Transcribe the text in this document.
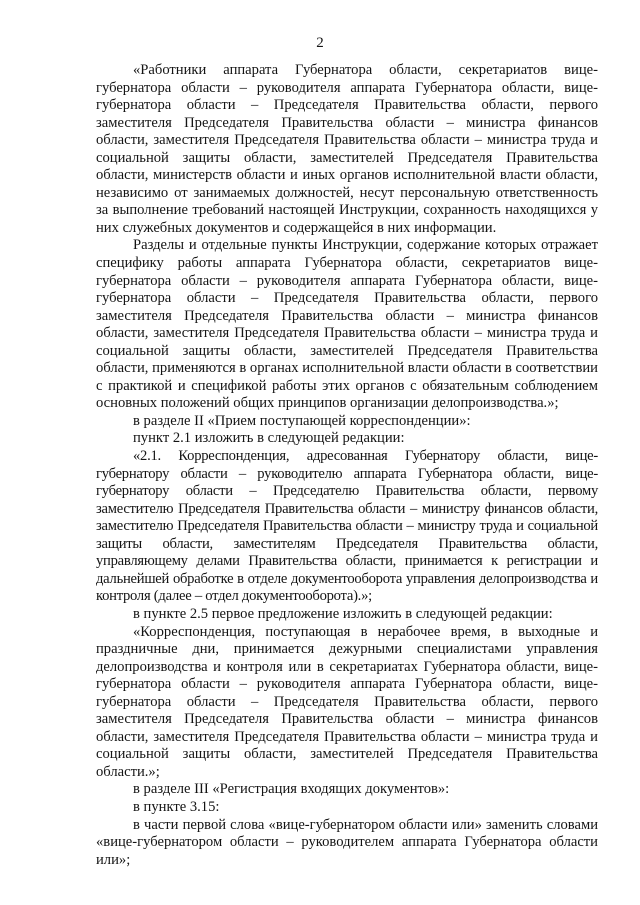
2

«Работники аппарата Губернатора области, секретариатов вице-губернатора области – руководителя аппарата Губернатора области, вице-губернатора области – Председателя Правительства области, первого заместителя Председателя Правительства области – министра финансов области, заместителя Председателя Правительства области – министра труда и социальной защиты области, заместителей Председателя Правительства области, министерств области и иных органов исполнительной власти области, независимо от занимаемых должностей, несут персональную ответственность за выполнение требований настоящей Инструкции, сохранность находящихся у них служебных документов и содержащейся в них информации.

Разделы и отдельные пункты Инструкции, содержание которых отражает специфику работы аппарата Губернатора области, секретариатов вице-губернатора области – руководителя аппарата Губернатора области, вице-губернатора области – Председателя Правительства области, первого заместителя Председателя Правительства области – министра финансов области, заместителя Председателя Правительства области – министра труда и социальной защиты области, заместителей Председателя Правительства области, применяются в органах исполнительной власти области в соответствии с практикой и спецификой работы этих органов с обязательным соблюдением основных положений общих принципов организации делопроизводства.»;

в разделе II «Прием поступающей корреспонденции»:

пункт 2.1 изложить в следующей редакции:

«2.1. Корреспонденция, адресованная Губернатору области, вице-губернатору области – руководителю аппарата Губернатора области, вице-губернатору области – Председателю Правительства области, первому заместителю Председателя Правительства области – министру финансов области, заместителю Председателя Правительства области – министру труда и социальной защиты области, заместителям Председателя Правительства области, управляющему делами Правительства области, принимается к регистрации и дальнейшей обработке в отделе документооборота управления делопроизводства и контроля (далее – отдел документооборота).»;

в пункте 2.5 первое предложение изложить в следующей редакции:

«Корреспонденция, поступающая в нерабочее время, в выходные и праздничные дни, принимается дежурными специалистами управления делопроизводства и контроля или в секретариатах Губернатора области, вице-губернатора области – руководителя аппарата Губернатора области, вице-губернатора области – Председателя Правительства области, первого заместителя Председателя Правительства области – министра финансов области, заместителя Председателя Правительства области – министра труда и социальной защиты области, заместителей Председателя Правительства области.»;

в разделе III «Регистрация входящих документов»:

в пункте 3.15:

в части первой слова «вице-губернатором области или» заменить словами «вице-губернатором области – руководителем аппарата Губернатора области или»;
